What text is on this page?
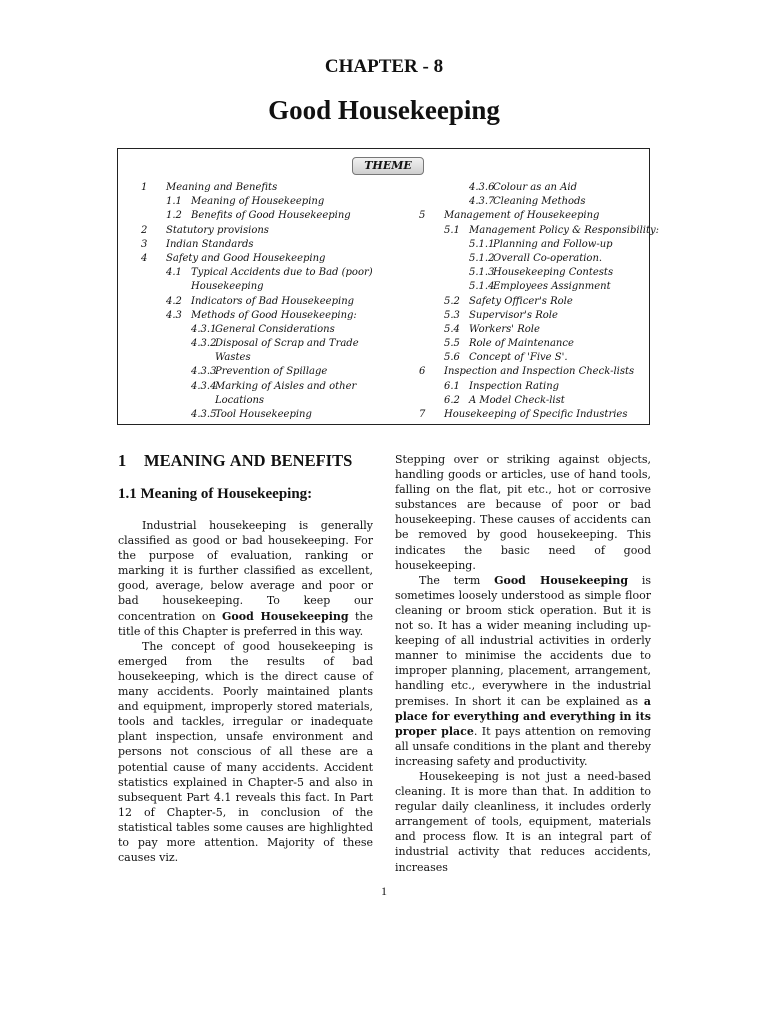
CHAPTER - 8
Good Housekeeping
THEME
1 Meaning and Benefits
1.1 Meaning of Housekeeping
1.2 Benefits of Good Housekeeping
2 Statutory provisions
3 Indian Standards
4 Safety and Good Housekeeping
4.1 Typical Accidents due to Bad (poor)
Housekeeping
4.2 Indicators of Bad Housekeeping
4.3 Methods of Good Housekeeping:
4.3.1
General Considerations
4.3.2
Disposal of Scrap and Trade
Wastes
4.3.3
Prevention of Spillage
4.3.4
Marking of Aisles and other
Locations
4.3.5
Tool Housekeeping
4.3.6
Colour as an Aid
4.3.7
Cleaning Methods
5 Management of Housekeeping
5.1 Management Policy & Responsibility:
5.1.1
Planning and Follow-up
5.1.2
Overall Co-operation.
5.1.3
Housekeeping Contests
5.1.4
Employees Assignment
5.2 Safety Officer's Role
5.3 Supervisor's Role
5.4 Workers' Role
5.5 Role of Maintenance
5.6 Concept of 'Five S'.
6 Inspection and Inspection Check-lists
6.1 Inspection Rating
6.2 A Model Check-list
7 Housekeeping of Specific Industries
1 MEANING AND BENEFITS
1.1 Meaning of Housekeeping:

Industrial housekeeping is generally classified as good or bad housekeeping. For the purpose of evaluation, ranking or marking it is further classified as excellent, good, average, below average and poor or bad housekeeping. To keep our concentration on Good Housekeeping the title of this Chapter is preferred in this way.

The concept of good housekeeping is emerged from the results of bad housekeeping, which is the direct cause of many accidents. Poorly maintained plants and equipment, improperly stored materials, tools and tackles, irregular or inadequate plant inspection, unsafe environment and persons not conscious of all these are a potential cause of many accidents. Accident statistics explained in Chapter-5 and also in subsequent Part 4.1 reveals this fact. In Part 12 of Chapter-5, in conclusion of the statistical tables some causes are highlighted to pay more attention. Majority of these causes viz.

Stepping over or striking against objects, handling goods or articles, use of hand tools, falling on the flat, pit etc., hot or corrosive substances are because of poor or bad housekeeping. These causes of accidents can be removed by good housekeeping. This indicates the basic need of good housekeeping.

The term Good Housekeeping is sometimes loosely understood as simple floor cleaning or broom stick operation. But it is not so. It has a wider meaning including up-keeping of all industrial activities in orderly manner to minimise the accidents due to improper planning, placement, arrangement, handling etc., everywhere in the industrial premises. In short it can be explained as a place for everything and everything in its proper place. It pays attention on removing all unsafe conditions in the plant and thereby increasing safety and productivity.

Housekeeping is not just a need-based cleaning. It is more than that. In addition to regular daily cleanliness, it includes orderly arrangement of tools, equipment, materials and process flow. It is an integral part of industrial activity that reduces accidents, increases

1
